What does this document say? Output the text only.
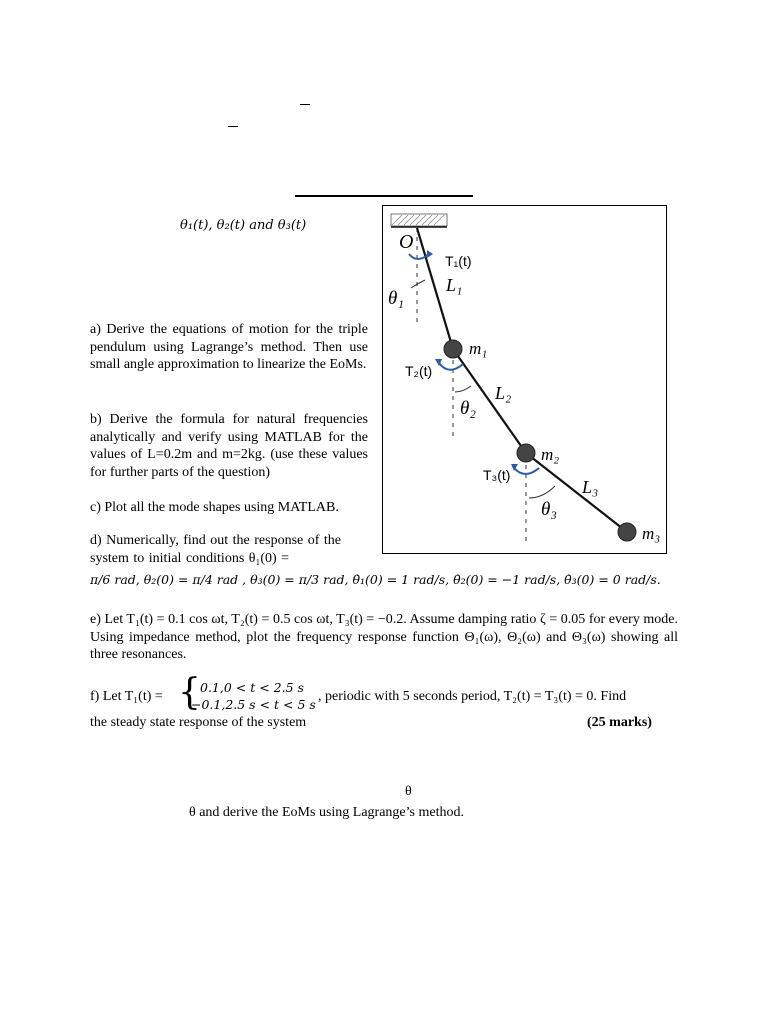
θ₁(t), θ₂(t) and θ₃(t)
a) Derive the equations of motion for the triple pendulum using Lagrange’s method. Then use small angle approximation to linearize the EoMs.
b) Derive the formula for natural frequencies analytically and verify using MATLAB for the values of L=0.2m and m=2kg. (use these values for further parts of the question)
c) Plot all the mode shapes using MATLAB.
d) Numerically, find out the response of the system to initial conditions θ₁(0) =
π/6 rad, θ₂(0) = π/4 rad , θ₃(0) = π/3 rad, θ̇₁(0) = 1 rad/s, θ̇₂(0) = −1 rad/s, θ̇₃(0) = 0 rad/s.
e) Let T₁(t) = 0.1 cos ωt, T₂(t) = 0.5 cos ωt, T₃(t) = −0.2. Assume damping ratio ζ = 0.05 for every mode. Using impedance method, plot the frequency response function Θ₁(ω), Θ₂(ω) and Θ₃(ω) showing all three resonances.
f) Let T₁(t) = { 0.1,0 < t < 2.5 s
−0.1,2.5 s < t < 5 s
, periodic with 5 seconds period, T₂(t) = T₃(t) = 0. Find
the steady state response of the system	(25 marks)
θ
θ and derive the EoMs using Lagrange’s method.
O
T₁(t)
L₁
θ₁
m₁
T₂(t)
L₂
θ₂
m₂
T₃(t)
L₃
θ₃
m₃
